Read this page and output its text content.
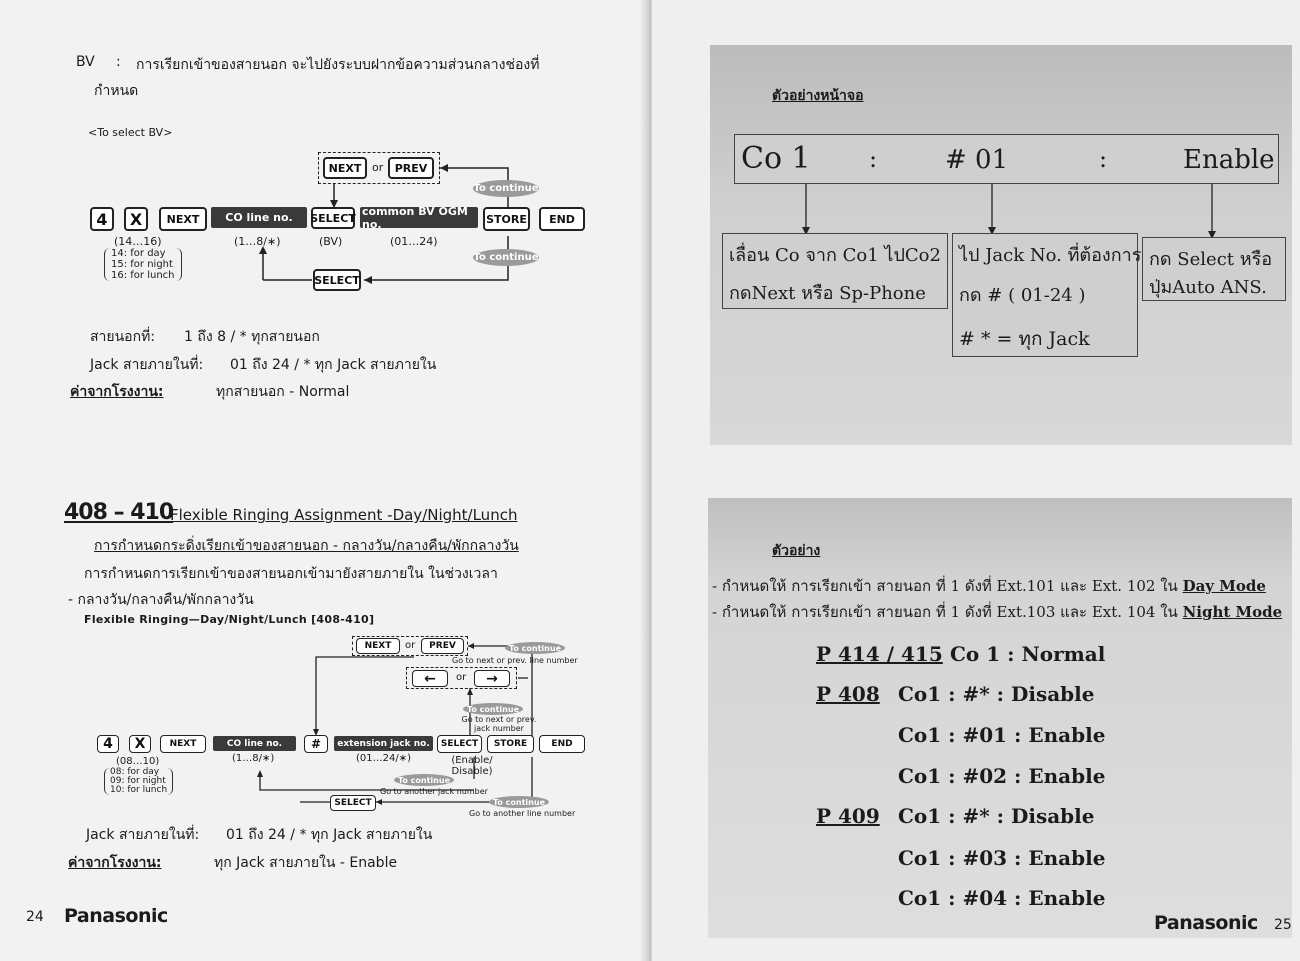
BV : การเรียกเข้าของสายนอก จะไปยังระบบฝากข้อความส่วนกลางช่องที่
กำหนด
<To select BV>
NEXT or	PREV
To continue
4	X	NEXT	CO line no.	SELECT
common BV OGM no.	STORE	END
(14…16)	(1…8/∗)	(BV)	(01…24)
14: for day
15: for night
16: for lunch
To continue
SELECT
สายนอกที่: 1 ถึง 8 / * ทุกสายนอก
Jack สายภายในที่: 01 ถึง 24 / * ทุก Jack สายภายใน
ค่าจากโรงงาน:	ทุกสายนอก - Normal
408 – 410
Flexible Ringing Assignment -Day/Night/Lunch
การกำหนดกระดิ่งเรียกเข้าของสายนอก - กลางวัน/กลางคืน/พักกลางวัน
การกำหนดการเรียกเข้าของสายนอกเข้ามายังสายภายใน ในช่วงเวลา
- กลางวัน/กลางคืน/พักกลางวัน
Flexible Ringing—Day/Night/Lunch [408-410]
NEXT	or	PREV	To continue
Go to next or prev. line number
←	or	→
To continue
Go to next or prev. jack number
4	X	NEXT	CO line no.	#	extension jack no.	SELECT	STORE	END
(08…10)	(1…8/∗)	(01…24/∗)	(Enable/ Disable)
08: for day
09: for night
10: for lunch
To continue
Go to another jack number
To continue
SELECT
Go to another line number
Jack สายภายในที่: 01 ถึง 24 / * ทุก Jack สายภายใน
ค่าจากโรงงาน:	ทุก Jack สายภายใน - Enable
24 Panasonic
ตัวอย่างหน้าจอ
Co 1 :	# 01	:	Enable
เลื่อน Co จาก Co1 ไปCo2
กดNext หรือ Sp-Phone
ไป Jack No. ที่ต้องการ
กด # ( 01-24 )
# * = ทุก Jack
กด Select หรือ
ปุ่มAuto ANS.
ตัวอย่าง
- กำหนดให้ การเรียกเข้า สายนอก ที่ 1 ดังที่ Ext.101 และ Ext. 102 ใน Day Mode
- กำหนดให้ การเรียกเข้า สายนอก ที่ 1 ดังที่ Ext.103 และ Ext. 104 ใน Night Mode
P 414 / 415 Co 1 : Normal
P 408 Co1 : #* : Disable
Co1 : #01 : Enable
Co1 : #02 : Enable
P 409 Co1 : #* : Disable
Co1 : #03 : Enable
Co1 : #04 : Enable
Panasonic 25
